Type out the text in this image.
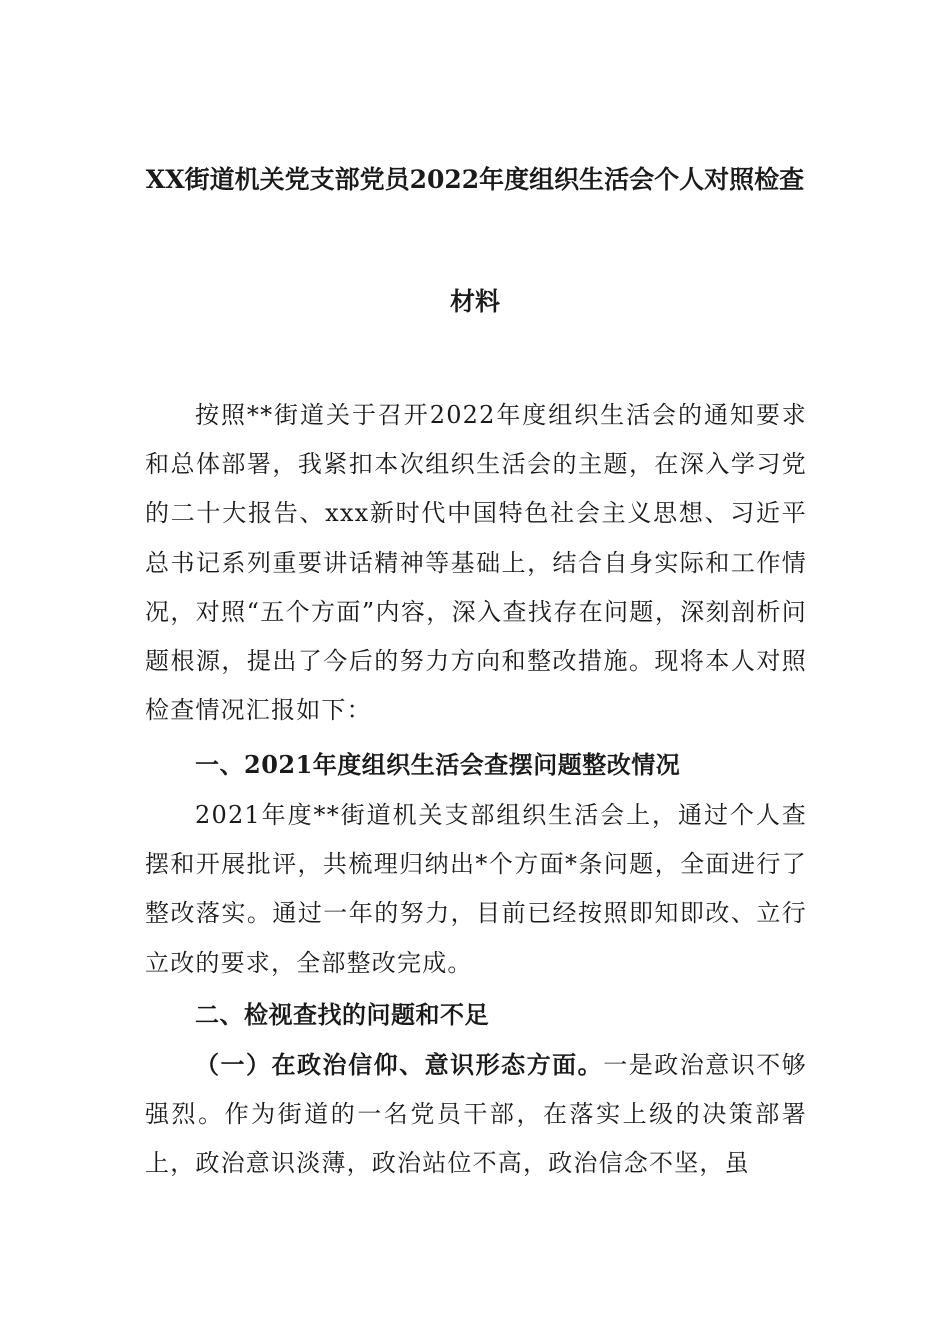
XX街道机关党支部党员2022年度组织生活会个人对照检查
材料
按照**街道关于召开2022年度组织生活会的通知要求和总体部署，我紧扣本次组织生活会的主题，在深入学习党的二十大报告、xxx新时代中国特色社会主义思想、习近平总书记系列重要讲话精神等基础上，结合自身实际和工作情况，对照“五个方面”内容，深入查找存在问题，深刻剖析问题根源，提出了今后的努力方向和整改措施。现将本人对照检查情况汇报如下：
一、2021年度组织生活会查摆问题整改情况
2021年度**街道机关支部组织生活会上，通过个人查摆和开展批评，共梳理归纳出*个方面*条问题，全面进行了整改落实。通过一年的努力，目前已经按照即知即改、立行立改的要求，全部整改完成。
二、检视查找的问题和不足
（一）在政治信仰、意识形态方面。一是政治意识不够强烈。作为街道的一名党员干部，在落实上级的决策部署上，政治意识淡薄，政治站位不高，政治信念不坚，虽
